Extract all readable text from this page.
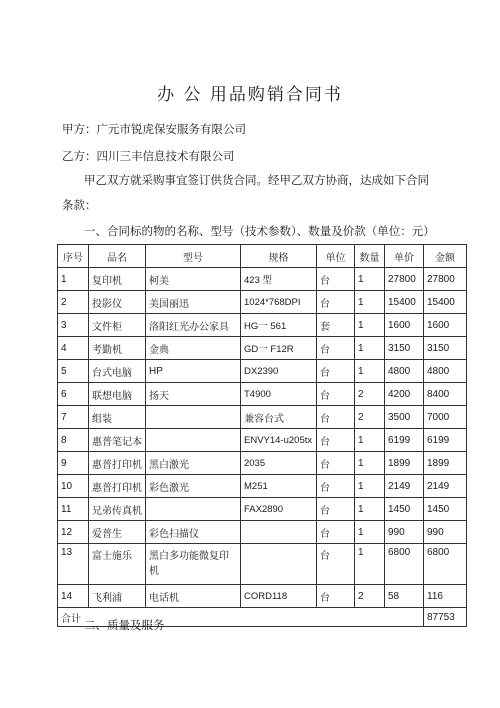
办 公 用品购销合同书
甲方：广元市锐虎保安服务有限公司
乙方：四川三丰信息技术有限公司
甲乙双方就采购事宜签订供货合同。经甲乙双方协商，达成如下合同
条款：
一、合同标的物的名称、型号（技术参数）、数量及价款（单位：元）
序号	品名	型号	规格	单位	数量	单价	金额
1	复印机	柯美	423 型	台	1	27800	27800
2	投影仪	美国丽迅	1024*768DPI	台	1	15400	15400
3	文件柜	洛阳红光办公家具	HG一 561	套	1	1600	1600
4	考勤机	金典	GD一 F12R	台	1	3150	3150
5	台式电脑	HP	DX2390	台	1	4800	4800
6	联想电脑	扬天	T4900	台	2	4200	8400
7	组装		兼容台式	台	2	3500	7000
8	惠普笔记本		ENVY14-u205tx	台	1	6199	6199
9	惠普打印机	黑白激光	2035	台	1	1899	1899
10	惠普打印机	彩色激光	M251	台	1	2149	2149
11	兄弟传真机		FAX2890	台	1	1450	1450
12	爱普生	彩色扫描仪		台	1	990	990
13	富士施乐	黑白多功能微复印机		台	1	6800	6800
14	飞利浦	电话机	CORD118	台	2	58	116
合计							87753
二、质量及服务
